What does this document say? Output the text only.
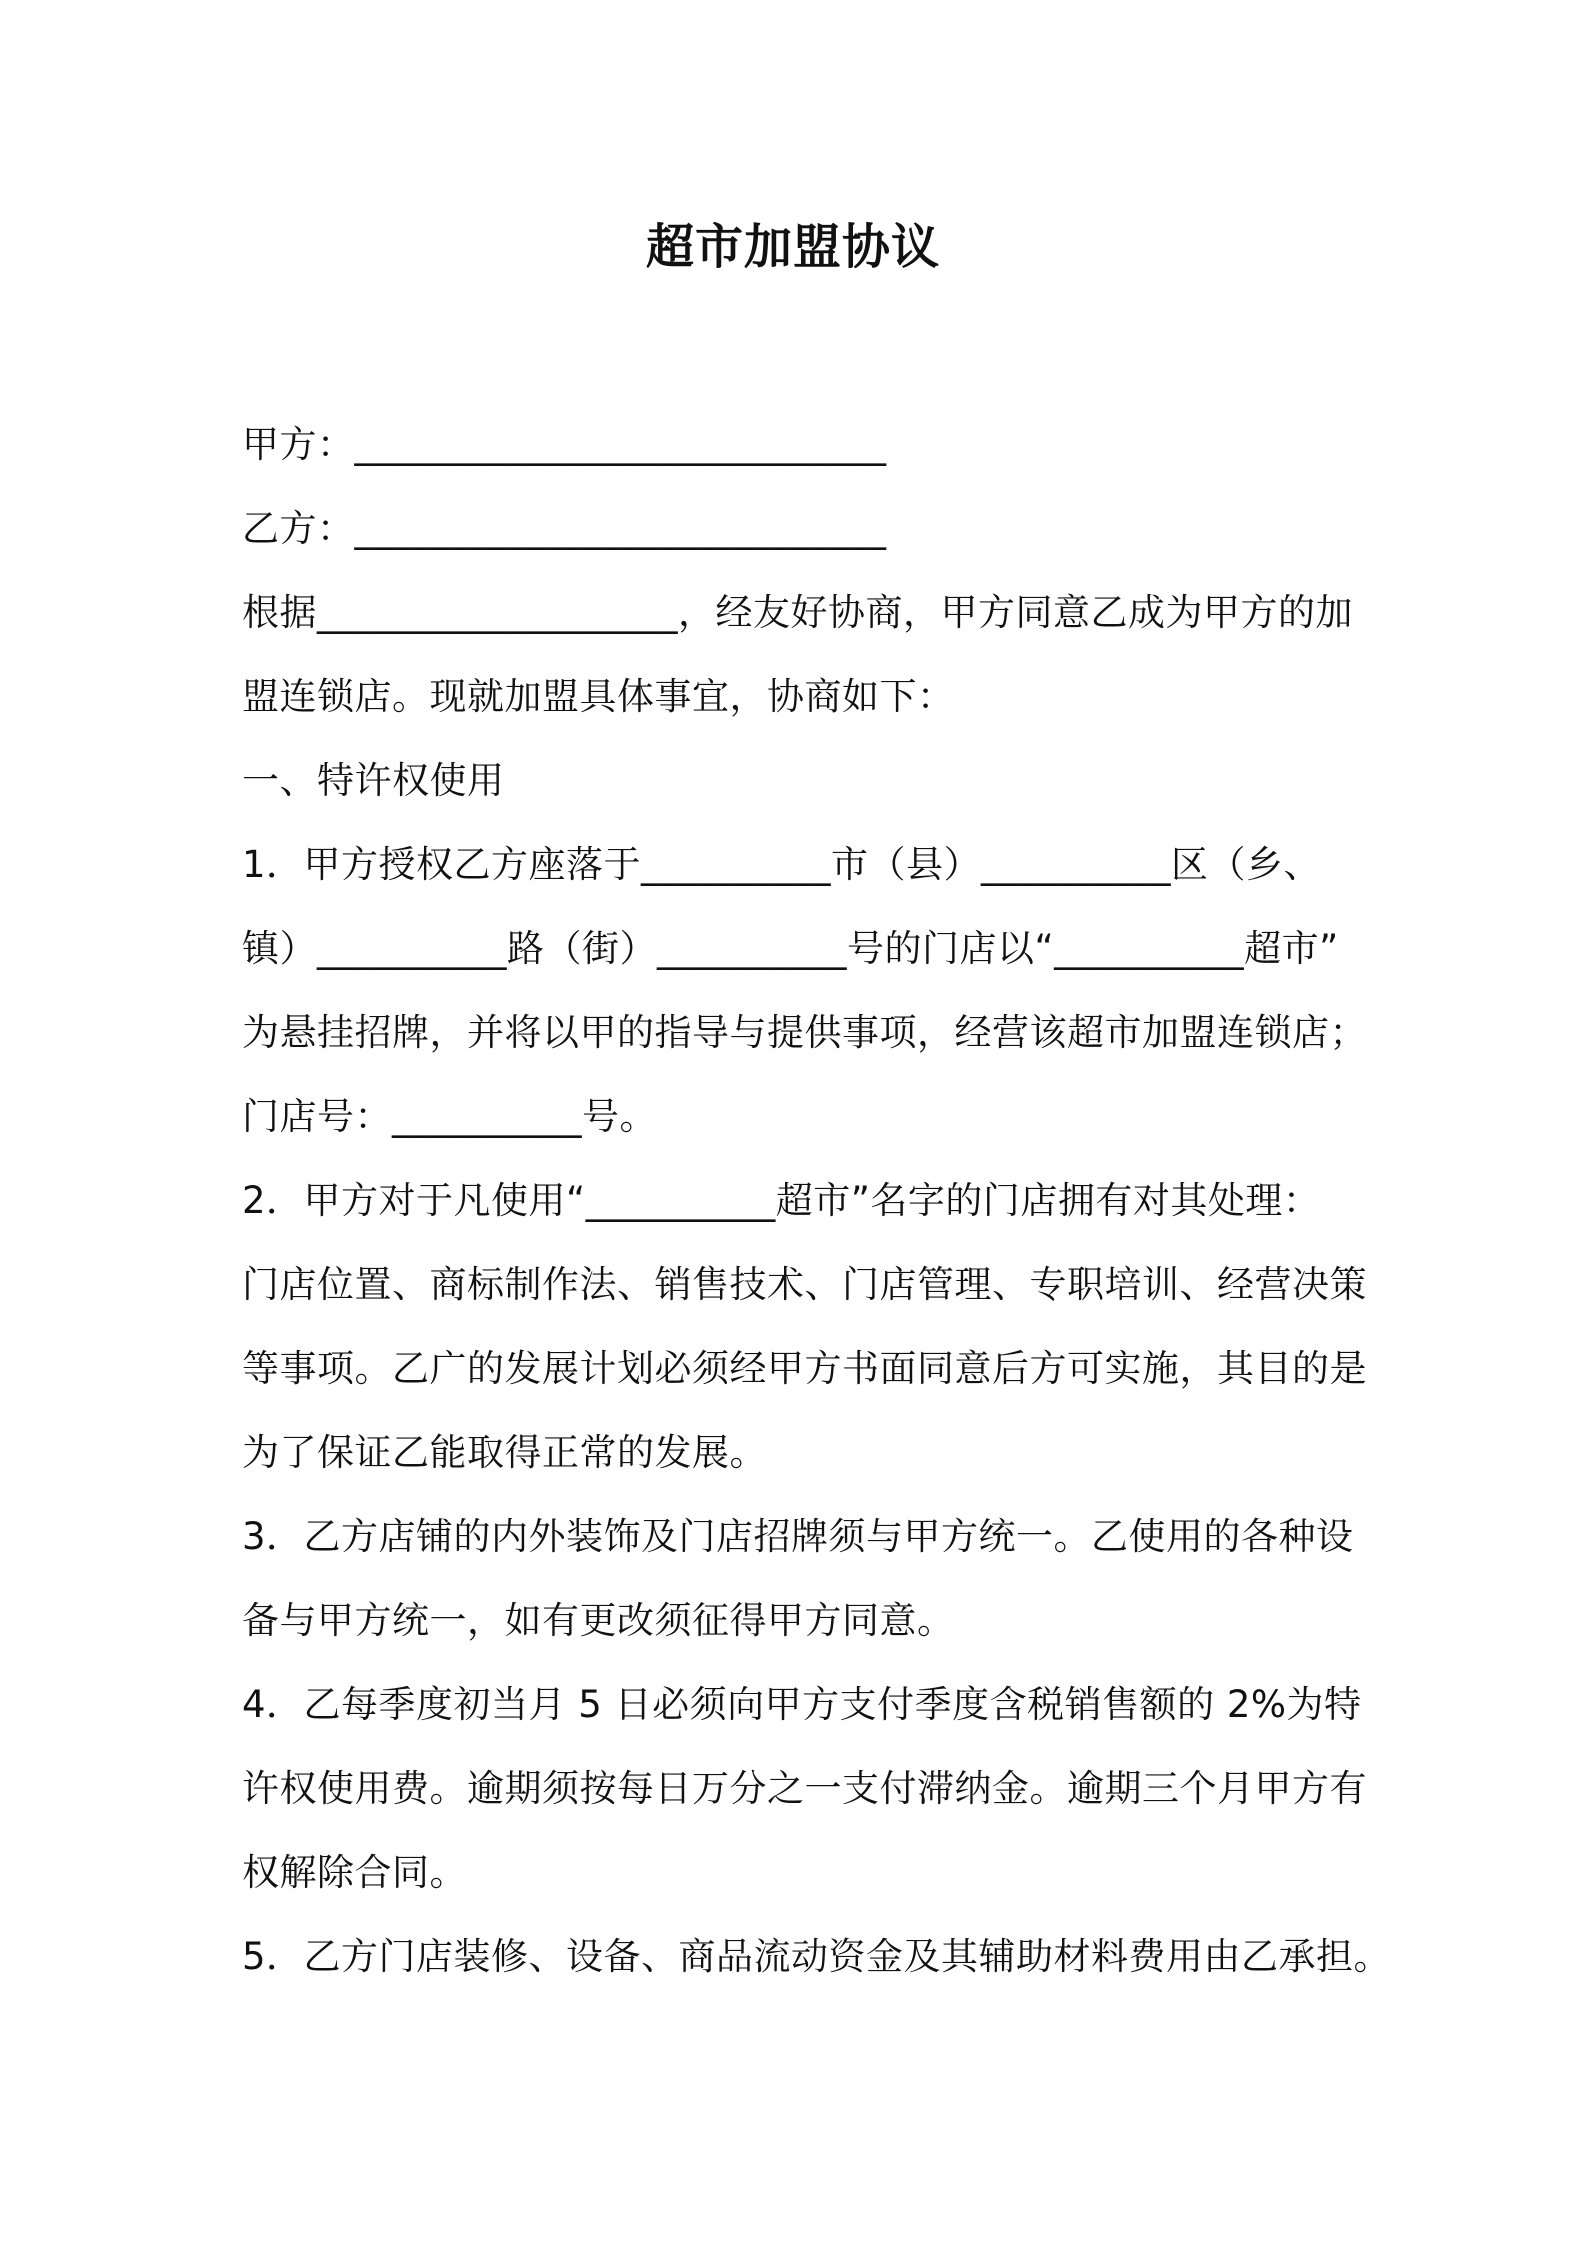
超市加盟协议
甲方：____________________________
乙方：____________________________
根据___________________，经友好协商，甲方同意乙成为甲方的加
盟连锁店。现就加盟具体事宜，协商如下：
一、特许权使用
1．甲方授权乙方座落于__________市（县）__________区（乡、
镇）__________路（街）__________号的门店以“__________超市”
为悬挂招牌，并将以甲的指导与提供事项，经营该超市加盟连锁店；
门店号：__________号。
2．甲方对于凡使用“__________超市”名字的门店拥有对其处理：
门店位置、商标制作法、销售技术、门店管理、专职培训、经营决策
等事项。乙广的发展计划必须经甲方书面同意后方可实施，其目的是
为了保证乙能取得正常的发展。
3．乙方店铺的内外装饰及门店招牌须与甲方统一。乙使用的各种设
备与甲方统一，如有更改须征得甲方同意。
4．乙每季度初当月 5 日必须向甲方支付季度含税销售额的 2%为特
许权使用费。逾期须按每日万分之一支付滞纳金。逾期三个月甲方有
权解除合同。
5．乙方门店装修、设备、商品流动资金及其辅助材料费用由乙承担。
